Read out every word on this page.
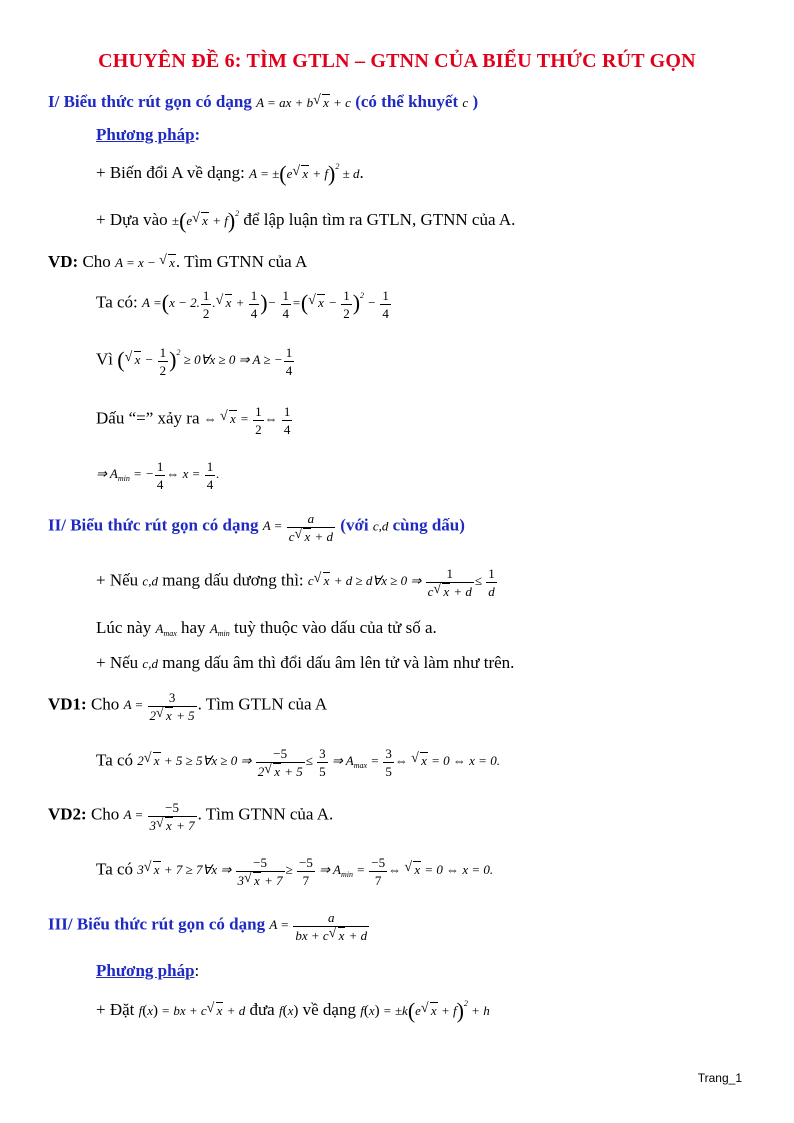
CHUYÊN ĐỀ 6: TÌM GTLN – GTNN CỦA BIỂU THỨC RÚT GỌN
I/ Biểu thức rút gọn có dạng A = ax + b √ x + c (có thể khuyết c )
Phương pháp:
+ Biến đổi A về dạng: A = ±(e √ x + f)$^2$ ± d.
+ Dựa vào ±(e √ x + f)$^2$ để lập luận tìm ra GTLN, GTNN của A.
VD: Cho A = x − √ x. Tìm GTNN của A
Ta có: A =(x − 2. $\frac{1}{2}$ . √ $x + \frac{1}{4}$ )− $\frac{1}{4}$ =( √ $x - \frac{1}{2} )^2 - \frac{1}{4}$
Vì ( √ $x - \frac{1}{2} )^2$ ≥ 0∀x ≥ 0 ⇒ A ≥ − $\frac{1}{4}$
Dấu “=” xảy ra ⇔ √ $x = \frac{1}{2}$ ⇔ $\frac{1}{4}$
⇒ $A_{min}$ = − $\frac{1}{4}$ ⇔ $x = \frac{1}{4}$ .
II/ Biểu thức rút gọn có dạng $A = \frac{a}{c √ x + d}$ (với c,d cùng dấu)
+ Nếu c,d mang dấu dương thì: c √ x + d ≥ d∀x ≥ 0 ⇒ $\frac{1}{c √ x + d} \le \frac{1}{d}$
Lúc này $A_{max}$ hay $A_{min}$ tuỳ thuộc vào dấu của tử số a.
+ Nếu c,d mang dấu âm thì đổi dấu âm lên tử và làm như trên.
VD1: Cho $A = \frac{3}{2 √ x + 5}$ . Tìm GTLN của A
Ta có 2 √ x + 5 ≥ 5∀x ≥ 0 ⇒ $\frac{-5}{2 √ x + 5} \le \frac{3}{5}$ ⇒ $A_{max} = \frac{3}{5}$ ⇔ √ x = 0 ⇔ x = 0.
VD2: Cho $A = \frac{-5}{3 √ x + 7}$ . Tìm GTNN của A.
Ta có 3 √ x + 7 ≥ 7∀x ⇒ $\frac{-5}{3 √ x + 7} \ge \frac{-5}{7}$ ⇒ $A_{min} = \frac{-5}{7}$ ⇔ √ x = 0 ⇔ x = 0.
III/ Biểu thức rút gọn có dạng $A = \frac{a}{bx + c √ x + d}$
Phương pháp:
+ Đặt f(x) = bx + c √ x + d đưa f(x) về dạng f(x) = ±k(e √ x + f)$^2$ + h
Trang_1
